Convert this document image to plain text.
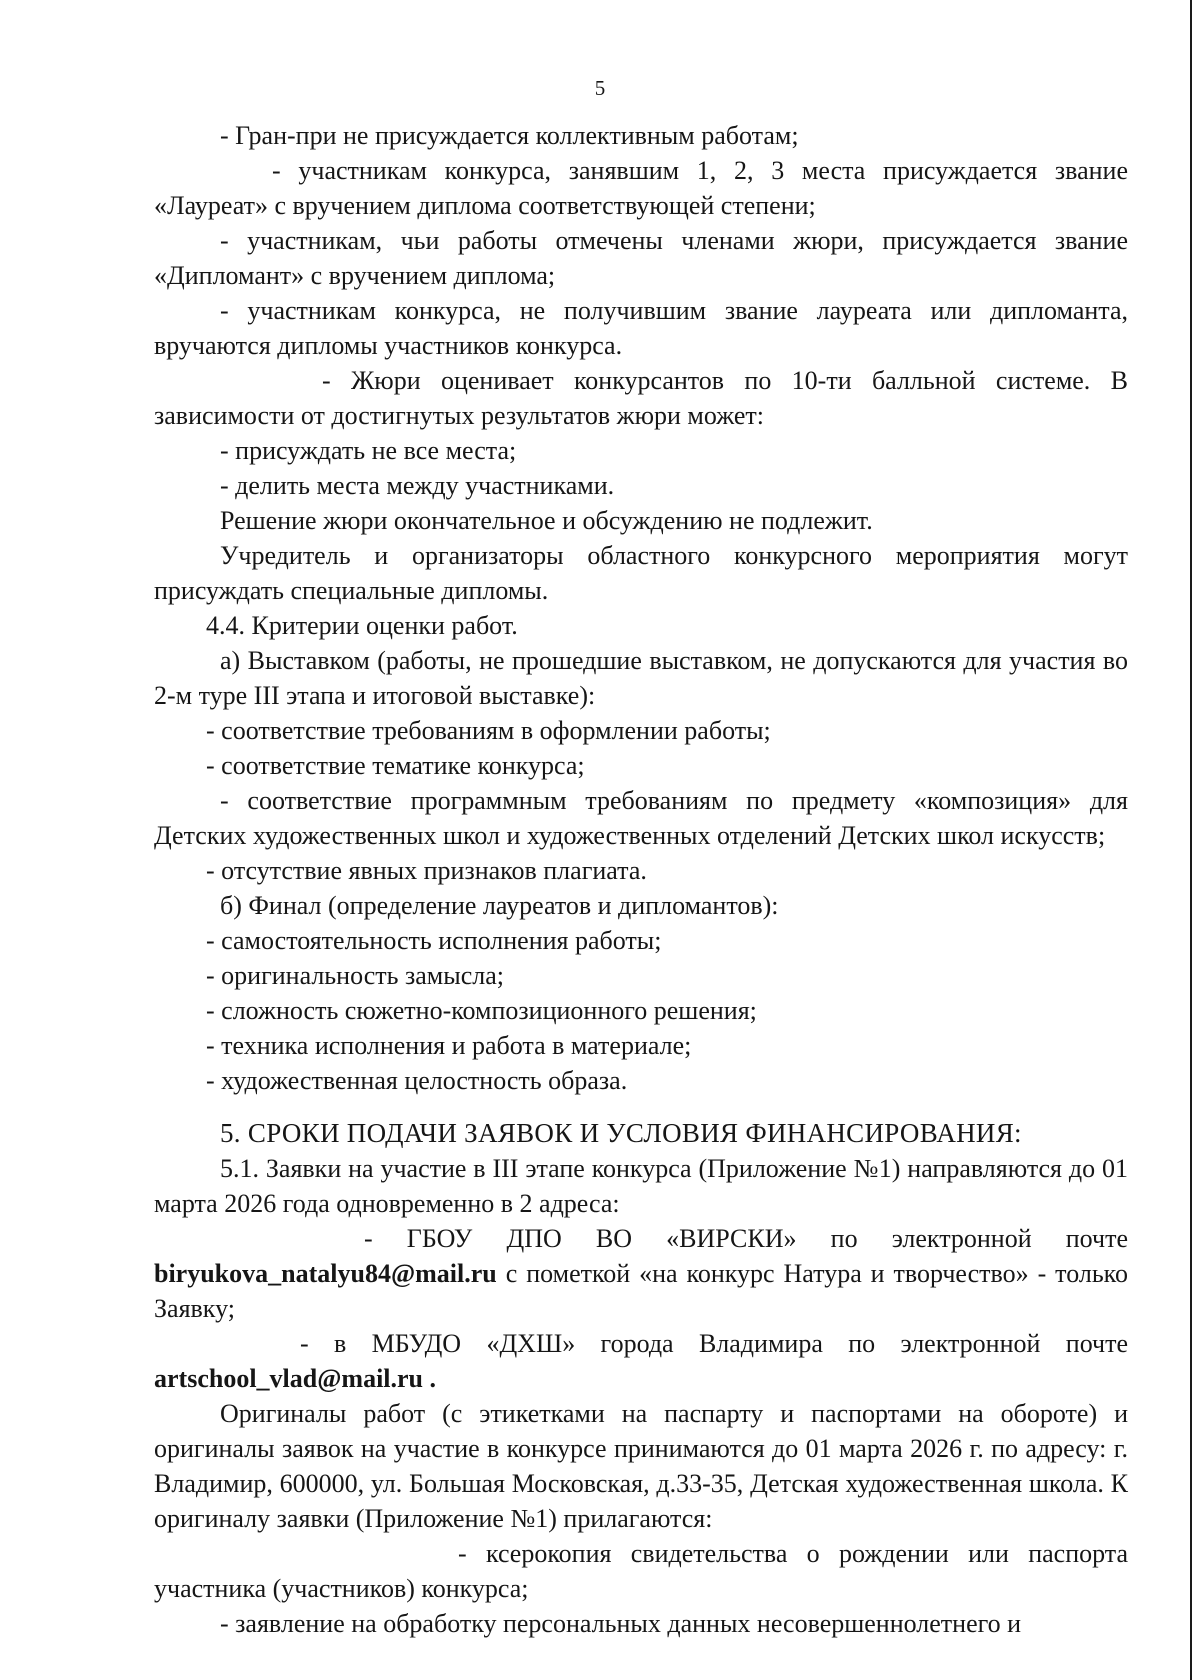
5

- Гран-при не присуждается коллективным работам;

- участникам конкурса, занявшим 1, 2, 3 места присуждается звание «Лауреат» с вручением диплома соответствующей степени;

- участникам, чьи работы отмечены членами жюри, присуждается звание «Дипломант» с вручением диплома;

- участникам конкурса, не получившим звание лауреата или дипломанта, вручаются дипломы участников конкурса.

- Жюри оценивает конкурсантов по 10-ти балльной системе. В зависимости от достигнутых результатов жюри может:

- присуждать не все места;

- делить места между участниками.

Решение жюри окончательное и обсуждению не подлежит.

Учредитель и организаторы областного конкурсного мероприятия могут присуждать специальные дипломы.

4.4. Критерии оценки работ.

а) Выставком (работы, не прошедшие выставком, не допускаются для участия во 2-м туре III этапа и итоговой выставке):

- соответствие требованиям в оформлении работы;

- соответствие тематике конкурса;

- соответствие программным требованиям по предмету «композиция» для Детских художественных школ и художественных отделений Детских школ искусств;

- отсутствие явных признаков плагиата.

б) Финал (определение лауреатов и дипломантов):

- самостоятельность исполнения работы;

- оригинальность замысла;

- сложность сюжетно-композиционного решения;

- техника исполнения и работа в материале;

- художественная целостность образа.

5. СРОКИ ПОДАЧИ ЗАЯВОК И УСЛОВИЯ ФИНАНСИРОВАНИЯ:

5.1. Заявки на участие в III этапе конкурса (Приложение №1) направляются до 01 марта 2026 года одновременно в 2 адреса:

- ГБОУ ДПО ВО «ВИРСКИ» по электронной почте biryukova_natalyu84@mail.ru с пометкой «на конкурс Натура и творчество» - только Заявку;

- в МБУДО «ДХШ» города Владимира по электронной почте artschool_vlad@mail.ru .

Оригиналы работ (с этикетками на паспарту и паспортами на обороте) и оригиналы заявок на участие в конкурсе принимаются до 01 марта 2026 г. по адресу: г. Владимир, 600000, ул. Большая Московская, д.33-35, Детская художественная школа. К оригиналу заявки (Приложение №1) прилагаются:

- ксерокопия свидетельства о рождении или паспорта участника (участников) конкурса;

- заявление на обработку персональных данных несовершеннолетнего и
